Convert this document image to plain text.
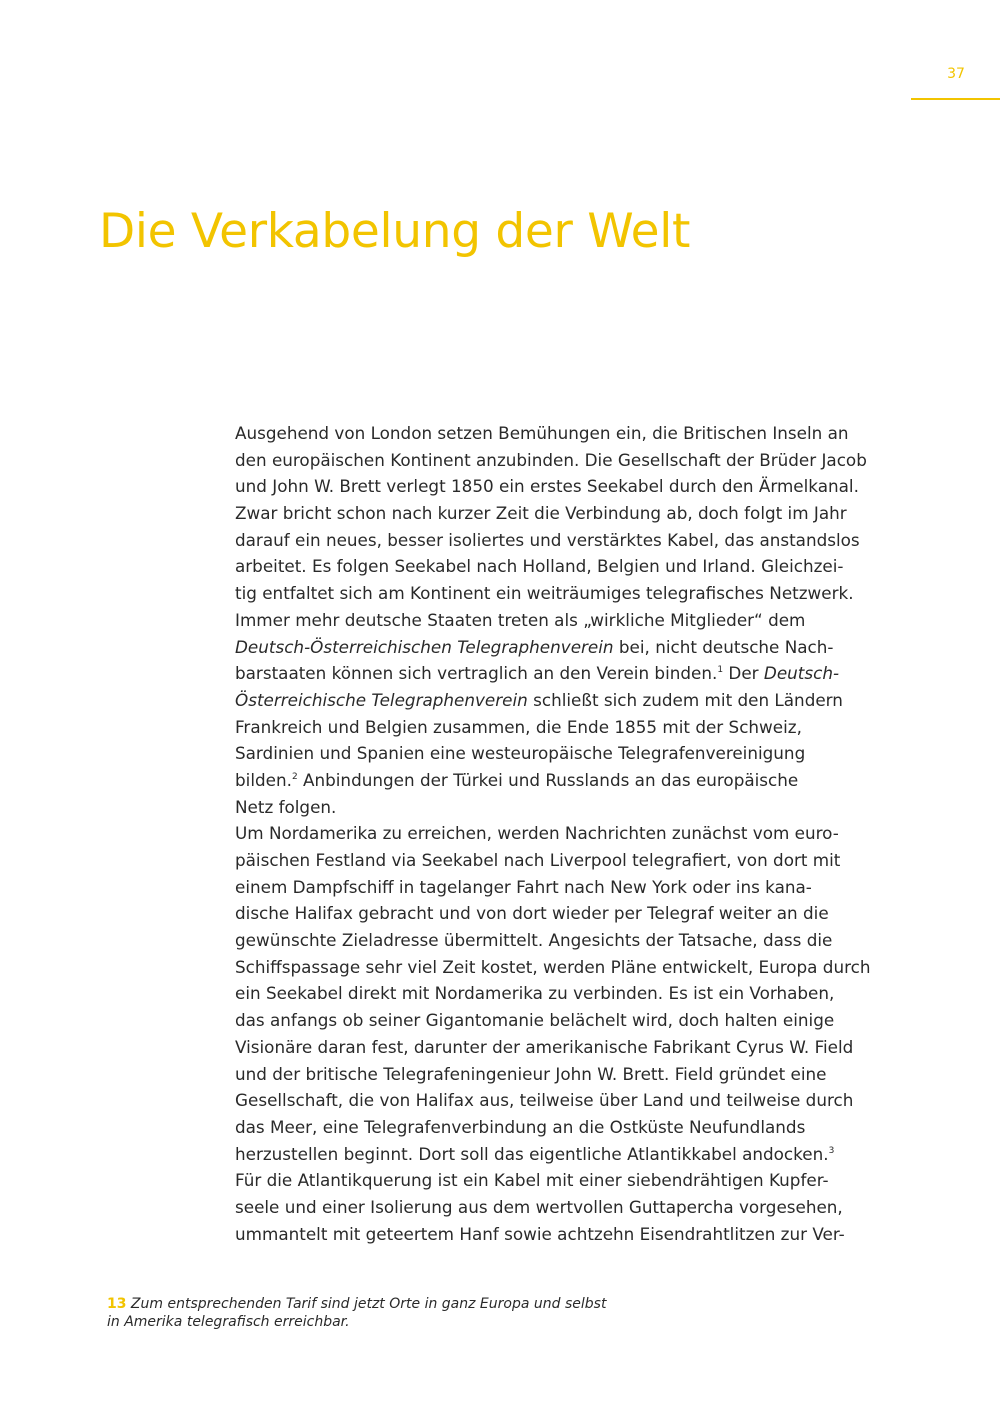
37
Die Verkabelung der Welt
Ausgehend von London setzen Bemühungen ein, die Britischen Inseln an
den europäischen Kontinent anzubinden. Die Gesellschaft der Brüder Jacob
und John W. Brett verlegt 1850 ein erstes Seekabel durch den Ärmelkanal.
Zwar bricht schon nach kurzer Zeit die Verbindung ab, doch folgt im Jahr
darauf ein neues, besser isoliertes und verstärktes Kabel, das anstandslos
arbeitet. Es folgen Seekabel nach Holland, Belgien und Irland. Gleichzei-
tig entfaltet sich am Kontinent ein weiträumiges telegrafisches Netzwerk.
Immer mehr deutsche Staaten treten als „wirkliche Mitglieder“ dem
Deutsch-Österreichischen Telegraphenverein bei, nicht deutsche Nach-
barstaaten können sich vertraglich an den Verein binden.$^1$ Der Deutsch-
Österreichische Telegraphenverein schließt sich zudem mit den Ländern
Frankreich und Belgien zusammen, die Ende 1855 mit der Schweiz,
Sardinien und Spanien eine westeuropäische Telegrafenvereinigung
bilden.$^2$ Anbindungen der Türkei und Russlands an das europäische
Netz folgen.
Um Nordamerika zu erreichen, werden Nachrichten zunächst vom euro-
päischen Festland via Seekabel nach Liverpool telegrafiert, von dort mit
einem Dampfschiff in tagelanger Fahrt nach New York oder ins kana-
dische Halifax gebracht und von dort wieder per Telegraf weiter an die
gewünschte Zieladresse übermittelt. Angesichts der Tatsache, dass die
Schiffspassage sehr viel Zeit kostet, werden Pläne entwickelt, Europa durch
ein Seekabel direkt mit Nordamerika zu verbinden. Es ist ein Vorhaben,
das anfangs ob seiner Gigantomanie belächelt wird, doch halten einige
Visionäre daran fest, darunter der amerikanische Fabrikant Cyrus W. Field
und der britische Telegrafeningenieur John W. Brett. Field gründet eine
Gesellschaft, die von Halifax aus, teilweise über Land und teilweise durch
das Meer, eine Telegrafenverbindung an die Ostküste Neufundlands
herzustellen beginnt. Dort soll das eigentliche Atlantikkabel andocken.$^3$
Für die Atlantikquerung ist ein Kabel mit einer siebendrähtigen Kupfer-
seele und einer Isolierung aus dem wertvollen Guttapercha vorgesehen,
ummantelt mit geteertem Hanf sowie achtzehn Eisendrahtlitzen zur Ver-
13 Zum entsprechenden Tarif sind jetzt Orte in ganz Europa und selbst
in Amerika telegrafisch erreichbar.
